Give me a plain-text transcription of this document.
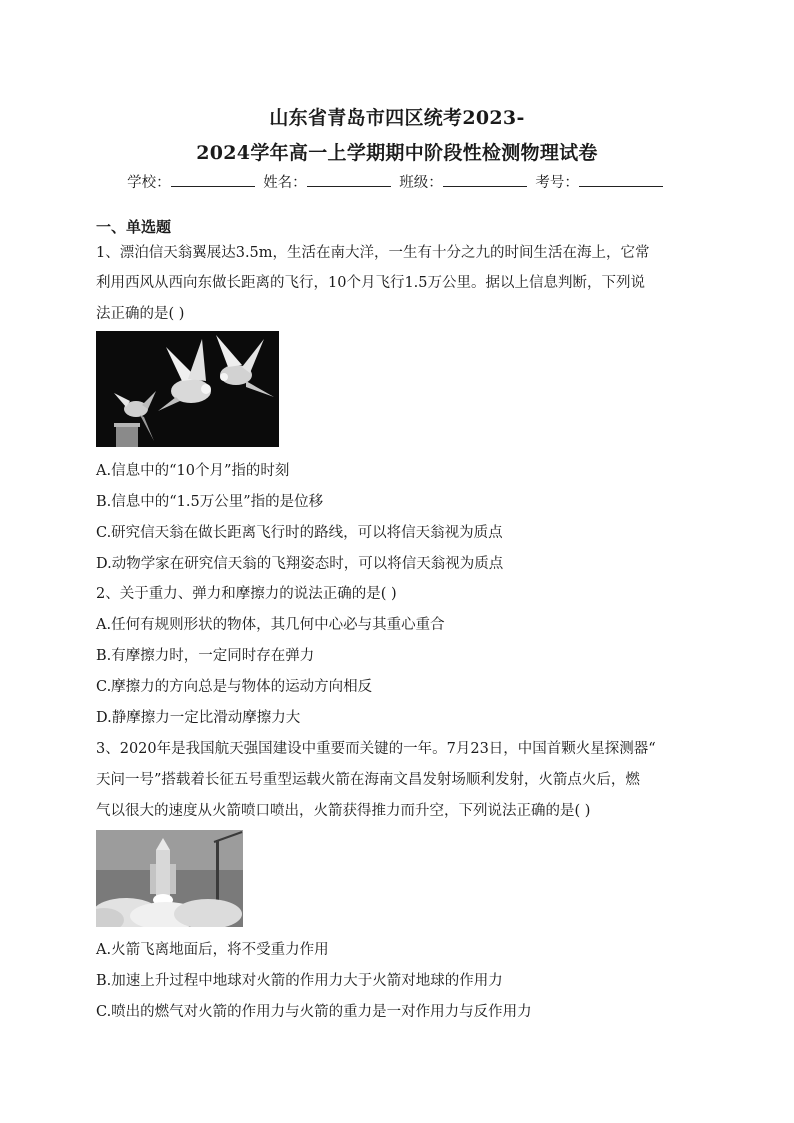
山东省青岛市四区统考2023-
2024学年高一上学期期中阶段性检测物理试卷
学校：	姓名：	班级：	考号：
一、单选题
1、漂泊信天翁翼展达3.5m，生活在南大洋，一生有十分之九的时间生活在海上，它常
利用西风从西向东做长距离的飞行，10个月飞行1.5万公里。据以上信息判断，下列说
法正确的是( )
A.信息中的“10个月”指的时刻
B.信息中的“1.5万公里”指的是位移
C.研究信天翁在做长距离飞行时的路线，可以将信天翁视为质点
D.动物学家在研究信天翁的飞翔姿态时，可以将信天翁视为质点
2、关于重力、弹力和摩擦力的说法正确的是( )
A.任何有规则形状的物体，其几何中心必与其重心重合
B.有摩擦力时，一定同时存在弹力
C.摩擦力的方向总是与物体的运动方向相反
D.静摩擦力一定比滑动摩擦力大
3、2020年是我国航天强国建设中重要而关键的一年。7月23日，中国首颗火星探测器“
天问一号”搭载着长征五号重型运载火箭在海南文昌发射场顺利发射，火箭点火后，燃
气以很大的速度从火箭喷口喷出，火箭获得推力而升空，下列说法正确的是( )
A.火箭飞离地面后，将不受重力作用
B.加速上升过程中地球对火箭的作用力大于火箭对地球的作用力
C.喷出的燃气对火箭的作用力与火箭的重力是一对作用力与反作用力
